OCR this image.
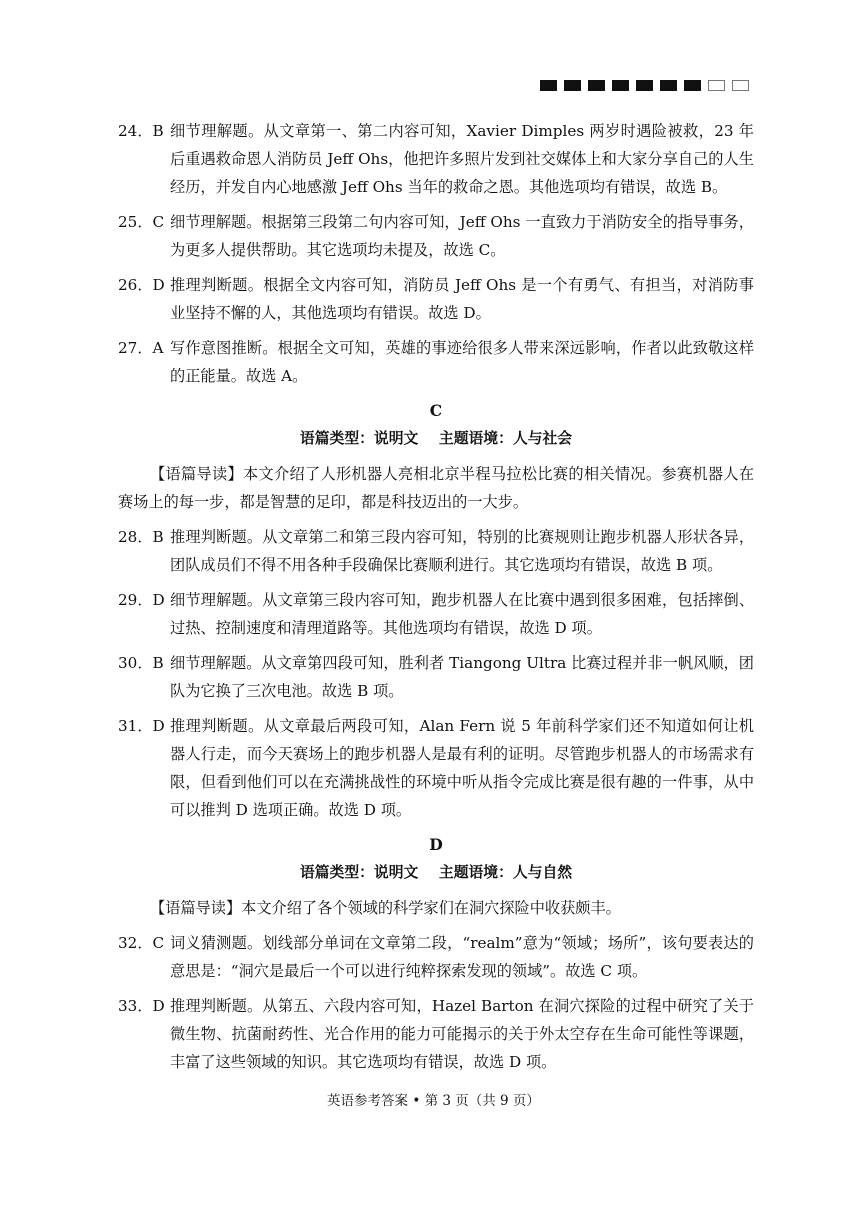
24．B 细节理解题。从文章第一、第二内容可知，Xavier Dimples 两岁时遇险被救，23 年后重遇救命恩人消防员 Jeff Ohs，他把许多照片发到社交媒体上和大家分享自己的人生经历，并发自内心地感激 Jeff Ohs 当年的救命之恩。其他选项均有错误，故选 B。
25．C 细节理解题。根据第三段第二句内容可知，Jeff Ohs 一直致力于消防安全的指导事务，为更多人提供帮助。其它选项均未提及，故选 C。
26．D 推理判断题。根据全文内容可知，消防员 Jeff Ohs 是一个有勇气、有担当，对消防事业坚持不懈的人，其他选项均有错误。故选 D。
27．A 写作意图推断。根据全文可知，英雄的事迹给很多人带来深远影响，作者以此致敬这样的正能量。故选 A。
C
语篇类型：说明文    主题语境：人与社会
【语篇导读】本文介绍了人形机器人亮相北京半程马拉松比赛的相关情况。参赛机器人在赛场上的每一步，都是智慧的足印，都是科技迈出的一大步。
28．B 推理判断题。从文章第二和第三段内容可知，特别的比赛规则让跑步机器人形状各异，团队成员们不得不用各种手段确保比赛顺利进行。其它选项均有错误，故选 B 项。
29．D 细节理解题。从文章第三段内容可知，跑步机器人在比赛中遇到很多困难，包括摔倒、过热、控制速度和清理道路等。其他选项均有错误，故选 D 项。
30．B 细节理解题。从文章第四段可知，胜利者 Tiangong Ultra 比赛过程并非一帆风顺，团队为它换了三次电池。故选 B 项。
31．D 推理判断题。从文章最后两段可知，Alan Fern 说 5 年前科学家们还不知道如何让机器人行走，而今天赛场上的跑步机器人是最有利的证明。尽管跑步机器人的市场需求有限，但看到他们可以在充满挑战性的环境中听从指令完成比赛是很有趣的一件事，从中可以推判 D 选项正确。故选 D 项。
D
语篇类型：说明文    主题语境：人与自然
【语篇导读】本文介绍了各个领域的科学家们在洞穴探险中收获颇丰。
32．C 词义猜测题。划线部分单词在文章第二段，“realm”意为“领域；场所”，该句要表达的意思是：“洞穴是最后一个可以进行纯粹探索发现的领域”。故选 C 项。
33．D 推理判断题。从第五、六段内容可知，Hazel Barton 在洞穴探险的过程中研究了关于微生物、抗菌耐药性、光合作用的能力可能揭示的关于外太空存在生命可能性等课题，丰富了这些领域的知识。其它选项均有错误，故选 D 项。
英语参考答案 • 第 3 页（共 9 页）
